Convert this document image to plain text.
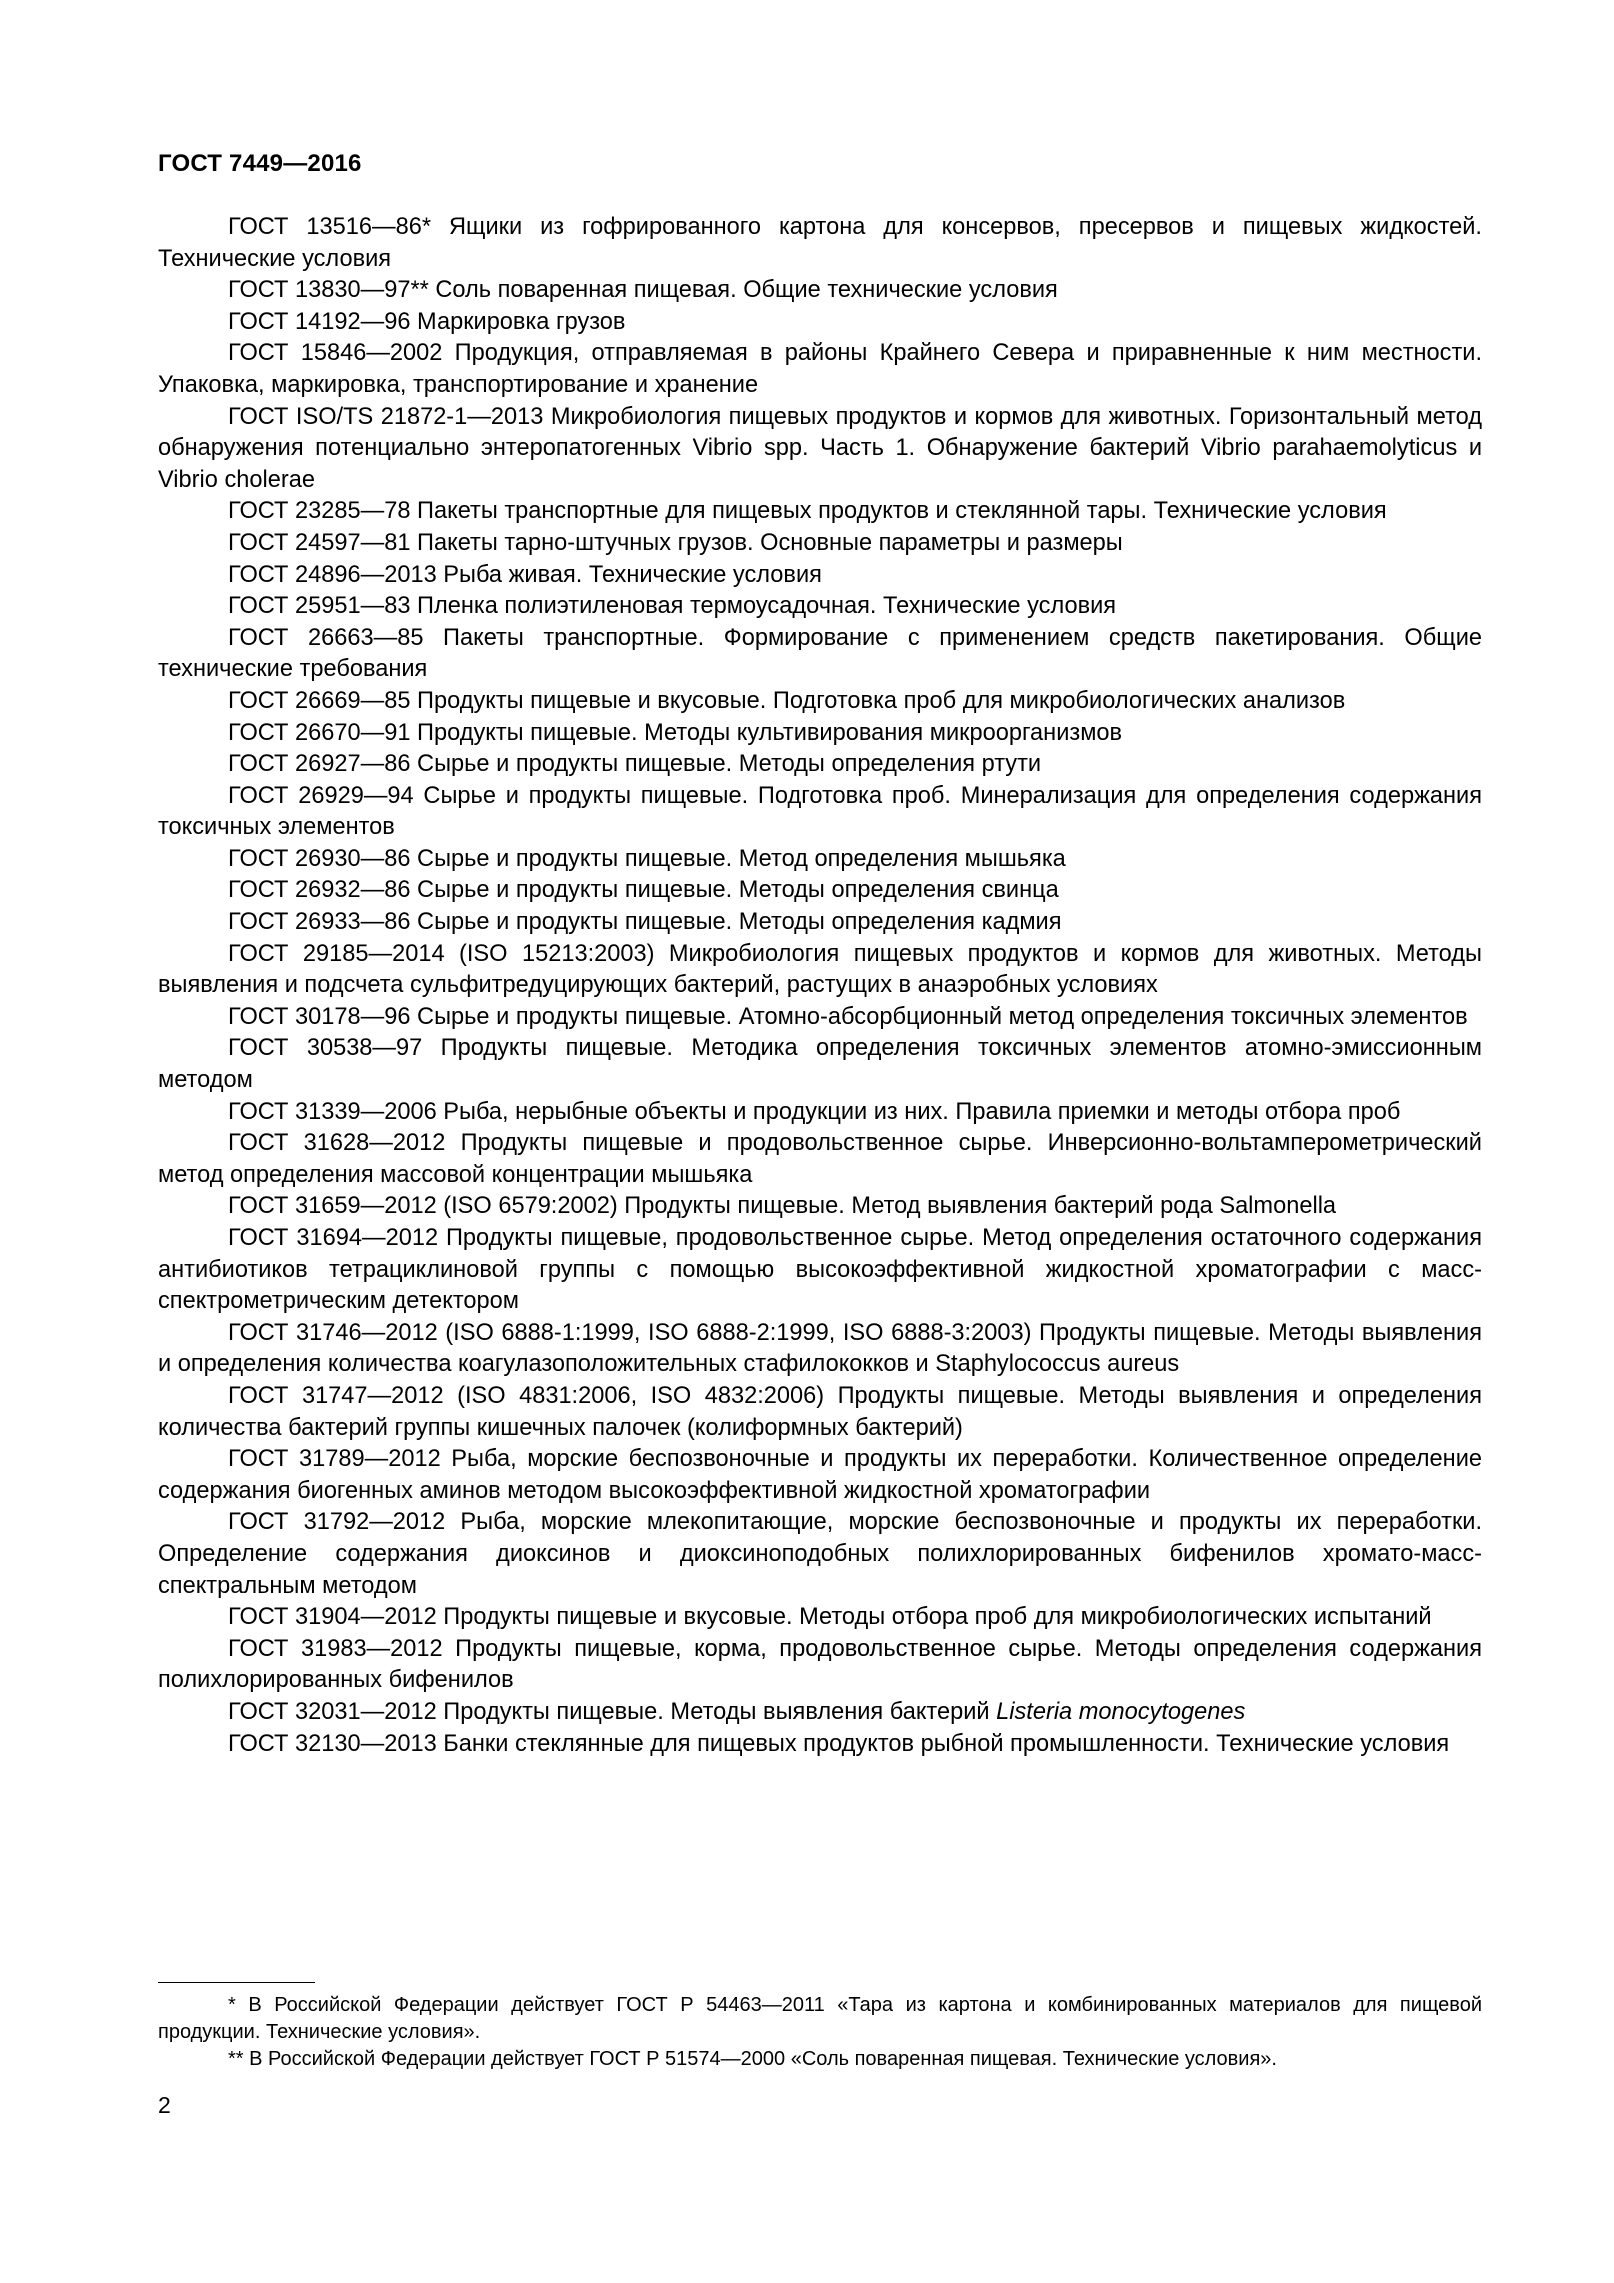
ГОСТ 7449—2016

ГОСТ 13516—86* Ящики из гофрированного картона для консервов, пресервов и пищевых жидкостей. Технические условия

ГОСТ 13830—97** Соль поваренная пищевая. Общие технические условия

ГОСТ 14192—96 Маркировка грузов

ГОСТ 15846—2002 Продукция, отправляемая в районы Крайнего Севера и приравненные к ним местности. Упаковка, маркировка, транспортирование и хранение

ГОСТ ISO/TS 21872-1—2013 Микробиология пищевых продуктов и кормов для животных. Горизонтальный метод обнаружения потенциально энтеропатогенных Vibrio spp. Часть 1. Обнаружение бактерий Vibrio parahaemolyticus и Vibrio cholerae

ГОСТ 23285—78 Пакеты транспортные для пищевых продуктов и стеклянной тары. Технические условия

ГОСТ 24597—81 Пакеты тарно-штучных грузов. Основные параметры и размеры

ГОСТ 24896—2013 Рыба живая. Технические условия

ГОСТ 25951—83 Пленка полиэтиленовая термоусадочная. Технические условия

ГОСТ 26663—85 Пакеты транспортные. Формирование с применением средств пакетирования. Общие технические требования

ГОСТ 26669—85 Продукты пищевые и вкусовые. Подготовка проб для микробиологических анализов

ГОСТ 26670—91 Продукты пищевые. Методы культивирования микроорганизмов

ГОСТ 26927—86 Сырье и продукты пищевые. Методы определения ртути

ГОСТ 26929—94 Сырье и продукты пищевые. Подготовка проб. Минерализация для определения содержания токсичных элементов

ГОСТ 26930—86 Сырье и продукты пищевые. Метод определения мышьяка

ГОСТ 26932—86 Сырье и продукты пищевые. Методы определения свинца

ГОСТ 26933—86 Сырье и продукты пищевые. Методы определения кадмия

ГОСТ 29185—2014 (ISO 15213:2003) Микробиология пищевых продуктов и кормов для животных. Методы выявления и подсчета сульфитредуцирующих бактерий, растущих в анаэробных условиях

ГОСТ 30178—96 Сырье и продукты пищевые. Атомно-абсорбционный метод определения токсичных элементов

ГОСТ 30538—97 Продукты пищевые. Методика определения токсичных элементов атомно-эмиссионным методом

ГОСТ 31339—2006 Рыба, нерыбные объекты и продукции из них. Правила приемки и методы отбора проб

ГОСТ 31628—2012 Продукты пищевые и продовольственное сырье. Инверсионно-вольтамперометрический метод определения массовой концентрации мышьяка

ГОСТ 31659—2012 (ISO 6579:2002) Продукты пищевые. Метод выявления бактерий рода Salmonella

ГОСТ 31694—2012 Продукты пищевые, продовольственное сырье. Метод определения остаточного содержания антибиотиков тетрациклиновой группы с помощью высокоэффективной жидкостной хроматографии с масс-спектрометрическим детектором

ГОСТ 31746—2012 (ISO 6888-1:1999, ISO 6888-2:1999, ISO 6888-3:2003) Продукты пищевые. Методы выявления и определения количества коагулазоположительных стафилококков и Staphylococcus aureus

ГОСТ 31747—2012 (ISO 4831:2006, ISO 4832:2006) Продукты пищевые. Методы выявления и определения количества бактерий группы кишечных палочек (колиформных бактерий)

ГОСТ 31789—2012 Рыба, морские беспозвоночные и продукты их переработки. Количественное определение содержания биогенных аминов методом высокоэффективной жидкостной хроматографии

ГОСТ 31792—2012 Рыба, морские млекопитающие, морские беспозвоночные и продукты их переработки. Определение содержания диоксинов и диоксиноподобных полихлорированных бифенилов хромато-масс-спектральным методом

ГОСТ 31904—2012 Продукты пищевые и вкусовые. Методы отбора проб для микробиологических испытаний

ГОСТ 31983—2012 Продукты пищевые, корма, продовольственное сырье. Методы определения содержания полихлорированных бифенилов

ГОСТ 32031—2012 Продукты пищевые. Методы выявления бактерий Listeria monocytogenes

ГОСТ 32130—2013 Банки стеклянные для пищевых продуктов рыбной промышленности. Технические условия

* В Российской Федерации действует ГОСТ Р 54463—2011 «Тара из картона и комбинированных материалов для пищевой продукции. Технические условия».

** В Российской Федерации действует ГОСТ Р 51574—2000 «Соль поваренная пищевая. Технические условия».

2
